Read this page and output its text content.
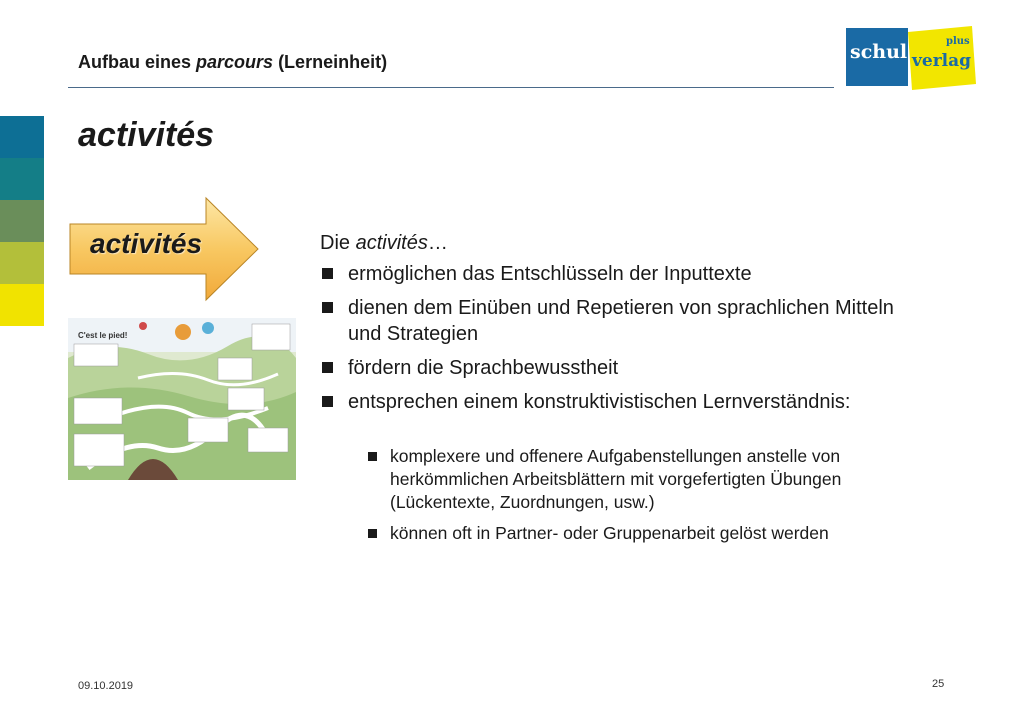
Aufbau eines parcours (Lerneinheit)	schul verlag
plus
activités
activités
C'est le pied!

Die activités…

ermöglichen das Entschlüsseln der Inputtexte
dienen dem Einüben und Repetieren von sprachlichen Mitteln und Strategien
fördern die Sprachbewusstheit
entsprechen einem konstruktivistischen Lernverständnis:
komplexere und offenere Aufgabenstellungen anstelle von herkömmlichen Arbeitsblättern mit vorgefertigten Übungen (Lückentexte, Zuordnungen, usw.)
können oft in Partner- oder Gruppenarbeit gelöst werden
09.10.2019	25
